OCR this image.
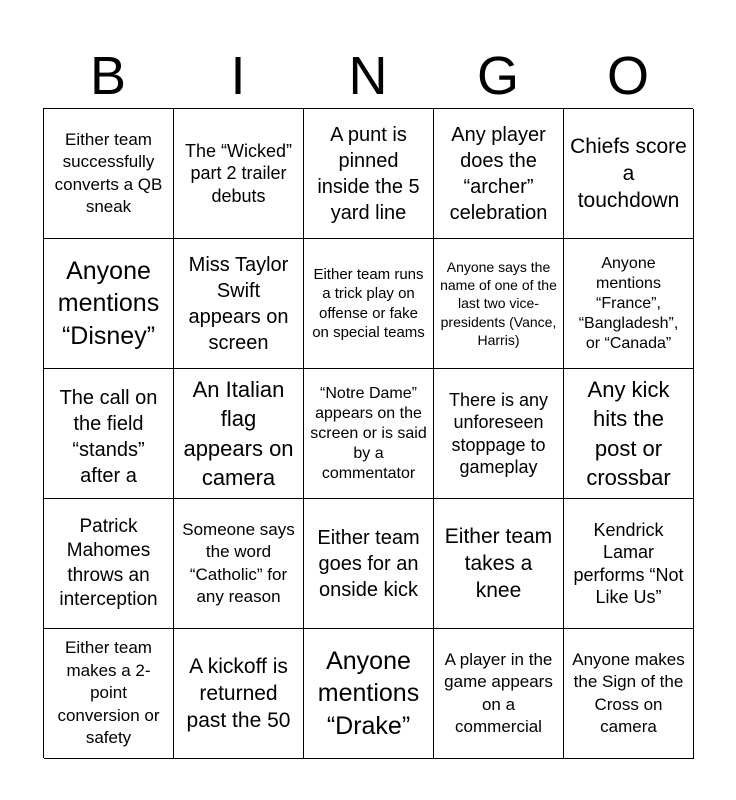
B	I	N	G	O
Either team successfully converts a QB sneak
The “Wicked” part 2 trailer debuts
A punt is pinned inside the 5 yard line
Any player does the “archer” celebration
Chiefs score a touchdown
Anyone mentions “Disney”
Miss Taylor Swift appears on screen
Either team runs a trick play on offense or fake on special teams
Anyone says the name of one of the last two vice-presidents (Vance, Harris)
Anyone mentions “France”, “Bangladesh”, or “Canada”
The call on the field “stands” after a
An Italian flag appears on camera
“Notre Dame” appears on the screen or is said by a commentator
There is any unforeseen stoppage to gameplay
Any kick hits the post or crossbar
Patrick Mahomes throws an interception
Someone says the word “Catholic” for any reason
Either team goes for an onside kick
Either team takes a knee
Kendrick Lamar performs “Not Like Us”
Either team makes a 2-point conversion or safety
A kickoff is returned past the 50
Anyone mentions “Drake”
A player in the game appears on a commercial
Anyone makes the Sign of the Cross on camera
